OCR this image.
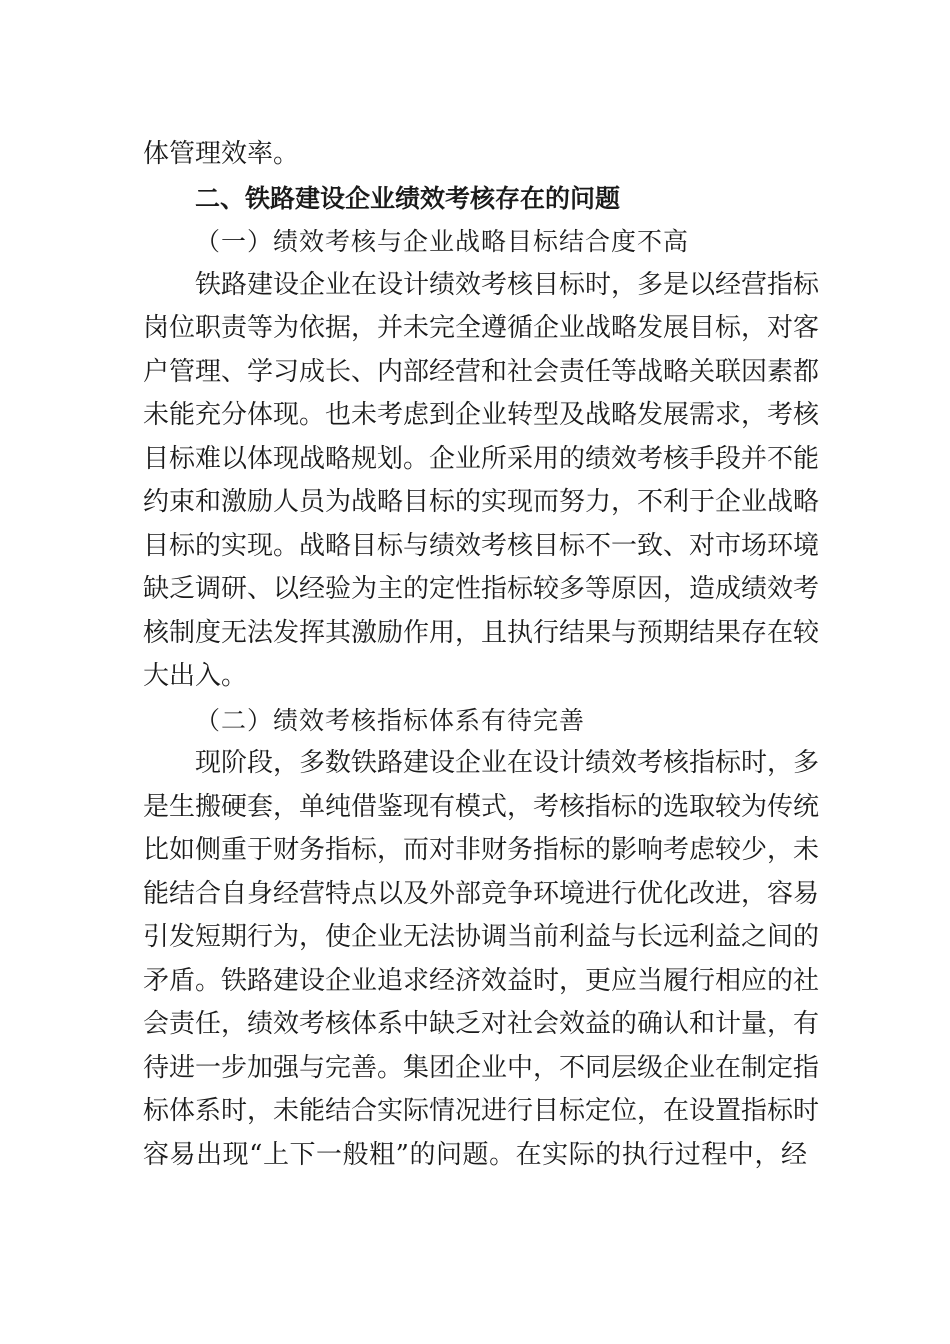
体管理效率。
二、铁路建设企业绩效考核存在的问题
（一）绩效考核与企业战略目标结合度不高
铁路建设企业在设计绩效考核目标时，多是以经营指标
岗位职责等为依据，并未完全遵循企业战略发展目标，对客
户管理、学习成长、内部经营和社会责任等战略关联因素都
未能充分体现。也未考虑到企业转型及战略发展需求，考核
目标难以体现战略规划。企业所采用的绩效考核手段并不能
约束和激励人员为战略目标的实现而努力，不利于企业战略
目标的实现。战略目标与绩效考核目标不一致、对市场环境
缺乏调研、以经验为主的定性指标较多等原因，造成绩效考
核制度无法发挥其激励作用，且执行结果与预期结果存在较
大出入。
（二）绩效考核指标体系有待完善
现阶段，多数铁路建设企业在设计绩效考核指标时，多
是生搬硬套，单纯借鉴现有模式，考核指标的选取较为传统
比如侧重于财务指标，而对非财务指标的影响考虑较少，未
能结合自身经营特点以及外部竞争环境进行优化改进，容易
引发短期行为，使企业无法协调当前利益与长远利益之间的
矛盾。铁路建设企业追求经济效益时，更应当履行相应的社
会责任，绩效考核体系中缺乏对社会效益的确认和计量，有
待进一步加强与完善。集团企业中，不同层级企业在制定指
标体系时，未能结合实际情况进行目标定位，在设置指标时
容易出现“上下一般粗”的问题。在实际的执行过程中，经
